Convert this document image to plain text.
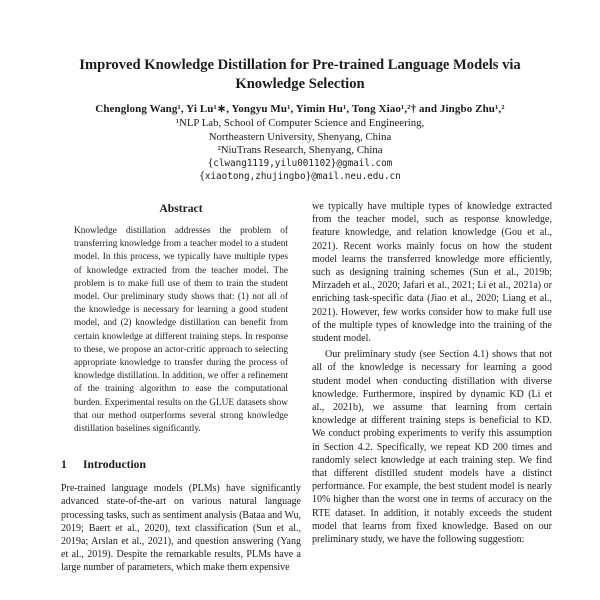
Improved Knowledge Distillation for Pre-trained Language Models via
Knowledge Selection
Chenglong Wang¹, Yi Lu¹∗, Yongyu Mu¹, Yimin Hu¹, Tong Xiao¹,²† and Jingbo Zhu¹,²
¹NLP Lab, School of Computer Science and Engineering,
Northeastern University, Shenyang, China
²NiuTrans Research, Shenyang, China
{clwang1119,yilu001102}@gmail.com
{xiaotong,zhujingbo}@mail.neu.edu.cn
Abstract

Knowledge distillation addresses the problem of transferring knowledge from a teacher model to a student model. In this process, we typically have multiple types of knowledge extracted from the teacher model. The problem is to make full use of them to train the student model. Our preliminary study shows that: (1) not all of the knowledge is necessary for learning a good student model, and (2) knowledge distillation can benefit from certain knowledge at different training steps. In response to these, we propose an actor-critic approach to selecting appropriate knowledge to transfer during the process of knowledge distillation. In addition, we offer a refinement of the training algorithm to ease the computational burden. Experimental results on the GLUE datasets show that our method outperforms several strong knowledge distillation baselines significantly.

1	Introduction

Pre-trained language models (PLMs) have significantly advanced state-of-the-art on various natural language processing tasks, such as sentiment analysis (Bataa and Wu, 2019; Baert et al., 2020), text classification (Sun et al., 2019a; Arslan et al., 2021), and question answering (Yang et al., 2019). Despite the remarkable results, PLMs have a large number of parameters, which make them expensive

we typically have multiple types of knowledge extracted from the teacher model, such as response knowledge, feature knowledge, and relation knowledge (Gou et al., 2021). Recent works mainly focus on how the student model learns the transferred knowledge more efficiently, such as designing training schemes (Sun et al., 2019b; Mirzadeh et al., 2020; Jafari et al., 2021; Li et al., 2021a) or enriching task-specific data (Jiao et al., 2020; Liang et al., 2021). However, few works consider how to make full use of the multiple types of knowledge into the training of the student model.

Our preliminary study (see Section 4.1) shows that not all of the knowledge is necessary for learning a good student model when conducting distillation with diverse knowledge. Furthermore, inspired by dynamic KD (Li et al., 2021b), we assume that learning from certain knowledge at different training steps is beneficial to KD. We conduct probing experiments to verify this assumption in Section 4.2. Specifically, we repeat KD 200 times and randomly select knowledge at each training step. We find that different distilled student models have a distinct performance. For example, the best student model is nearly 10% higher than the worst one in terms of accuracy on the RTE dataset. In addition, it notably exceeds the student model that learns from fixed knowledge. Based on our preliminary study, we have the following suggestion:
